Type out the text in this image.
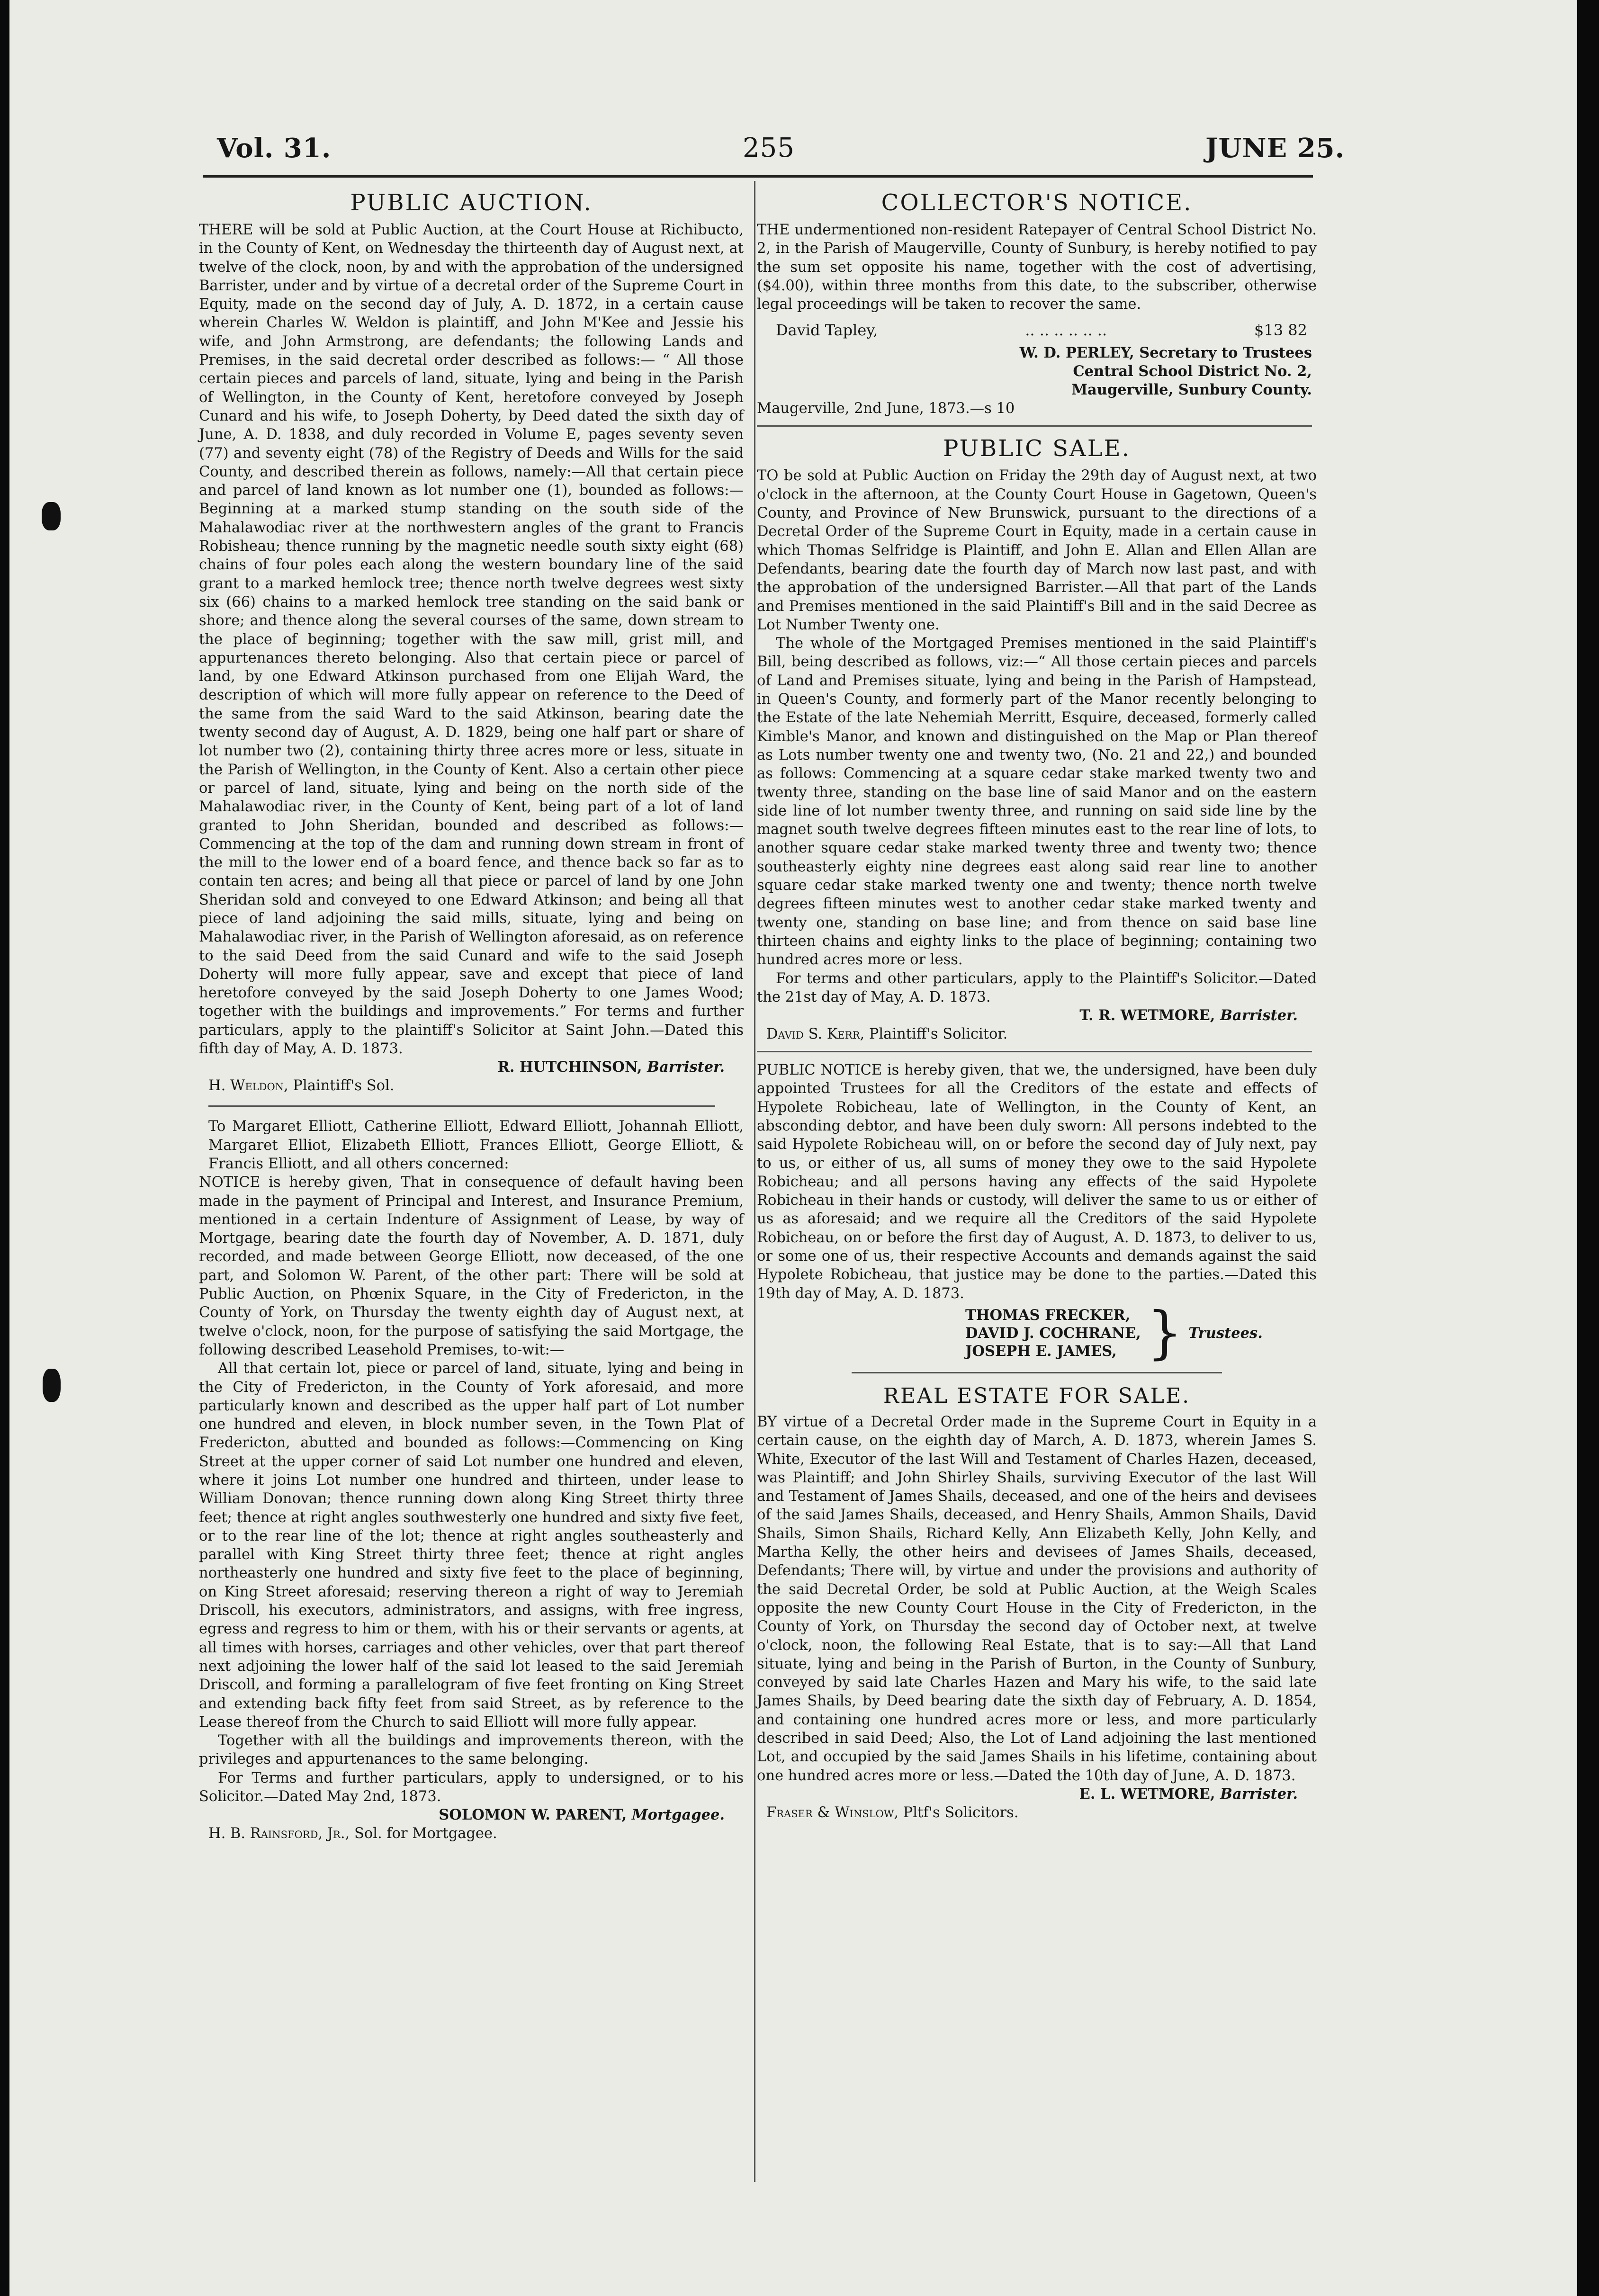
Vol. 31.	255	JUNE 25.
PUBLIC AUCTION.

THERE will be sold at Public Auction, at the Court House at Richibucto, in the County of Kent, on Wednesday the thirteenth day of August next, at twelve of the clock, noon, by and with the approbation of the undersigned Barrister, under and by virtue of a decretal order of the Supreme Court in Equity, made on the second day of July, A. D. 1872, in a certain cause wherein Charles W. Weldon is plaintiff, and John M'Kee and Jessie his wife, and John Armstrong, are defendants; the following Lands and Premises, in the said decretal order described as follows:— “ All those certain pieces and parcels of land, situate, lying and being in the Parish of Wellington, in the County of Kent, heretofore conveyed by Joseph Cunard and his wife, to Joseph Doherty, by Deed dated the sixth day of June, A. D. 1838, and duly recorded in Volume E, pages seventy seven (77) and seventy eight (78) of the Registry of Deeds and Wills for the said County, and described therein as follows, namely:—All that certain piece and parcel of land known as lot number one (1), bounded as follows:—Beginning at a marked stump standing on the south side of the Mahalawodiac river at the northwestern angles of the grant to Francis Robisheau; thence running by the magnetic needle south sixty eight (68) chains of four poles each along the western boundary line of the said grant to a marked hemlock tree; thence north twelve degrees west sixty six (66) chains to a marked hemlock tree standing on the said bank or shore; and thence along the several courses of the same, down stream to the place of beginning; together with the saw mill, grist mill, and appurtenances thereto belonging. Also that certain piece or parcel of land, by one Edward Atkinson purchased from one Elijah Ward, the description of which will more fully appear on reference to the Deed of the same from the said Ward to the said Atkinson, bearing date the twenty second day of August, A. D. 1829, being one half part or share of lot number two (2), containing thirty three acres more or less, situate in the Parish of Wellington, in the County of Kent. Also a certain other piece or parcel of land, situate, lying and being on the north side of the Mahalawodiac river, in the County of Kent, being part of a lot of land granted to John Sheridan, bounded and described as follows:—Commencing at the top of the dam and running down stream in front of the mill to the lower end of a board fence, and thence back so far as to contain ten acres; and being all that piece or parcel of land by one John Sheridan sold and conveyed to one Edward Atkinson; and being all that piece of land adjoining the said mills, situate, lying and being on Mahalawodiac river, in the Parish of Wellington aforesaid, as on reference to the said Deed from the said Cunard and wife to the said Joseph Doherty will more fully appear, save and except that piece of land heretofore conveyed by the said Joseph Doherty to one James Wood; together with the buildings and improvements.” For terms and further particulars, apply to the plaintiff's Solicitor at Saint John.—Dated this fifth day of May, A. D. 1873.

R. HUTCHINSON, Barrister.

H. Weldon, Plaintiff's Sol.

To Margaret Elliott, Catherine Elliott, Edward Elliott, Johannah Elliott, Margaret Elliot, Elizabeth Elliott, Frances Elliott, George Elliott, & Francis Elliott, and all others concerned:

NOTICE is hereby given, That in consequence of default having been made in the payment of Principal and Interest, and Insurance Premium, mentioned in a certain Indenture of Assignment of Lease, by way of Mortgage, bearing date the fourth day of November, A. D. 1871, duly recorded, and made between George Elliott, now deceased, of the one part, and Solomon W. Parent, of the other part: There will be sold at Public Auction, on Phœnix Square, in the City of Fredericton, in the County of York, on Thursday the twenty eighth day of August next, at twelve o'clock, noon, for the purpose of satisfying the said Mortgage, the following described Leasehold Premises, to-wit:—

All that certain lot, piece or parcel of land, situate, lying and being in the City of Fredericton, in the County of York aforesaid, and more particularly known and described as the upper half part of Lot number one hundred and eleven, in block number seven, in the Town Plat of Fredericton, abutted and bounded as follows:—Commencing on King Street at the upper corner of said Lot number one hundred and eleven, where it joins Lot number one hundred and thirteen, under lease to William Donovan; thence running down along King Street thirty three feet; thence at right angles southwesterly one hundred and sixty five feet, or to the rear line of the lot; thence at right angles southeasterly and parallel with King Street thirty three feet; thence at right angles northeasterly one hundred and sixty five feet to the place of beginning, on King Street aforesaid; reserving thereon a right of way to Jeremiah Driscoll, his executors, administrators, and assigns, with free ingress, egress and regress to him or them, with his or their servants or agents, at all times with horses, carriages and other vehicles, over that part thereof next adjoining the lower half of the said lot leased to the said Jeremiah Driscoll, and forming a parallelogram of five feet fronting on King Street and extending back fifty feet from said Street, as by reference to the Lease thereof from the Church to said Elliott will more fully appear.

Together with all the buildings and improvements thereon, with the privileges and appurtenances to the same belonging.

For Terms and further particulars, apply to undersigned, or to his Solicitor.—Dated May 2nd, 1873.

SOLOMON W. PARENT, Mortgagee.

H. B. Rainsford, Jr., Sol. for Mortgagee.

COLLECTOR'S NOTICE.

THE undermentioned non-resident Ratepayer of Central School District No. 2, in the Parish of Maugerville, County of Sunbury, is hereby notified to pay the sum set opposite his name, together with the cost of advertising, ($4.00), within three months from this date, to the subscriber, otherwise legal proceedings will be taken to recover the same.

David Tapley,	.. .. .. .. .. ..	$13 82

W. D. PERLEY, Secretary to Trustees

Central School District No. 2,

Maugerville, Sunbury County.

Maugerville, 2nd June, 1873.—s 10

PUBLIC SALE.

TO be sold at Public Auction on Friday the 29th day of August next, at two o'clock in the afternoon, at the County Court House in Gagetown, Queen's County, and Province of New Brunswick, pursuant to the directions of a Decretal Order of the Supreme Court in Equity, made in a certain cause in which Thomas Selfridge is Plaintiff, and John E. Allan and Ellen Allan are Defendants, bearing date the fourth day of March now last past, and with the approbation of the undersigned Barrister.—All that part of the Lands and Premises mentioned in the said Plaintiff's Bill and in the said Decree as Lot Number Twenty one.

The whole of the Mortgaged Premises mentioned in the said Plaintiff's Bill, being described as follows, viz:—“ All those certain pieces and parcels of Land and Premises situate, lying and being in the Parish of Hampstead, in Queen's County, and formerly part of the Manor recently belonging to the Estate of the late Nehemiah Merritt, Esquire, deceased, formerly called Kimble's Manor, and known and distinguished on the Map or Plan thereof as Lots number twenty one and twenty two, (No. 21 and 22,) and bounded as follows: Commencing at a square cedar stake marked twenty two and twenty three, standing on the base line of said Manor and on the eastern side line of lot number twenty three, and running on said side line by the magnet south twelve degrees fifteen minutes east to the rear line of lots, to another square cedar stake marked twenty three and twenty two; thence southeasterly eighty nine degrees east along said rear line to another square cedar stake marked twenty one and twenty; thence north twelve degrees fifteen minutes west to another cedar stake marked twenty and twenty one, standing on base line; and from thence on said base line thirteen chains and eighty links to the place of beginning; containing two hundred acres more or less.

For terms and other particulars, apply to the Plaintiff's Solicitor.—Dated the 21st day of May, A. D. 1873.

T. R. WETMORE, Barrister.

David S. Kerr, Plaintiff's Solicitor.

PUBLIC NOTICE is hereby given, that we, the undersigned, have been duly appointed Trustees for all the Creditors of the estate and effects of Hypolete Robicheau, late of Wellington, in the County of Kent, an absconding debtor, and have been duly sworn: All persons indebted to the said Hypolete Robicheau will, on or before the second day of July next, pay to us, or either of us, all sums of money they owe to the said Hypolete Robicheau; and all persons having any effects of the said Hypolete Robicheau in their hands or custody, will deliver the same to us or either of us as aforesaid; and we require all the Creditors of the said Hypolete Robicheau, on or before the first day of August, A. D. 1873, to deliver to us, or some one of us, their respective Accounts and demands against the said Hypolete Robicheau, that justice may be done to the parties.—Dated this 19th day of May, A. D. 1873.

THOMAS FRECKER,
DAVID J. COCHRANE,
JOSEPH E. JAMES, } Trustees.
REAL ESTATE FOR SALE.

BY virtue of a Decretal Order made in the Supreme Court in Equity in a certain cause, on the eighth day of March, A. D. 1873, wherein James S. White, Executor of the last Will and Testament of Charles Hazen, deceased, was Plaintiff; and John Shirley Shails, surviving Executor of the last Will and Testament of James Shails, deceased, and one of the heirs and devisees of the said James Shails, deceased, and Henry Shails, Ammon Shails, David Shails, Simon Shails, Richard Kelly, Ann Elizabeth Kelly, John Kelly, and Martha Kelly, the other heirs and devisees of James Shails, deceased, Defendants; There will, by virtue and under the provisions and authority of the said Decretal Order, be sold at Public Auction, at the Weigh Scales opposite the new County Court House in the City of Fredericton, in the County of York, on Thursday the second day of October next, at twelve o'clock, noon, the following Real Estate, that is to say:—All that Land situate, lying and being in the Parish of Burton, in the County of Sunbury, conveyed by said late Charles Hazen and Mary his wife, to the said late James Shails, by Deed bearing date the sixth day of February, A. D. 1854, and containing one hundred acres more or less, and more particularly described in said Deed; Also, the Lot of Land adjoining the last mentioned Lot, and occupied by the said James Shails in his lifetime, containing about one hundred acres more or less.—Dated the 10th day of June, A. D. 1873.

E. L. WETMORE, Barrister.

Fraser & Winslow, Pltf's Solicitors.
